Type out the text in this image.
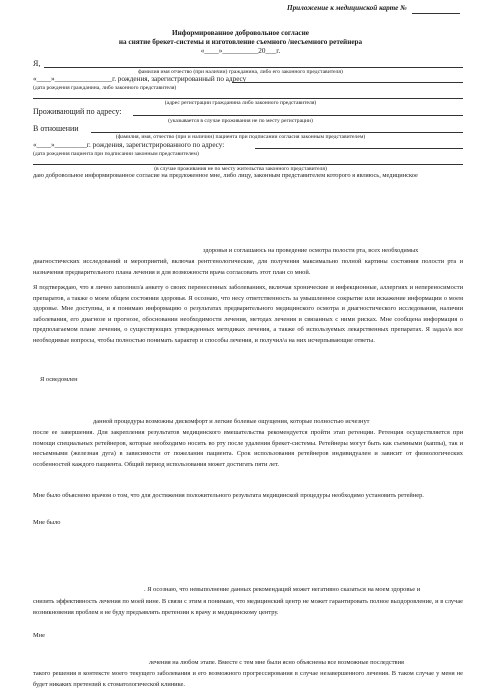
Приложение к медицинской карте №
Информированное добровольное согласие
на снятие брекет-системы и изготовление съемного /несъемного ретейнера
«____»__________20___г.
Я,
фамилия имя отчество (при наличии) гражданина, либо его законного представителя)
«____»________________г. рождения, зарегистрированный по адресу
(дата рождения гражданина, либо законного представителя)
(адрес регистрации гражданина либо законного представителя)
Проживающий по адресу:
(указывается в случае проживания не по месту регистрации)
В отношении
(фамилия, имя, отчество (при и наличии) пациента при подписании согласия законным представителем)
«____»_________г. рождения, зарегистрированного по адресу:
(дата рождения пациента при подписании законным представителем)
(в случае проживания не по месту жительства законного представителя)
даю добровольное информированное согласие на предложенное мне, либо лицу, законным представителем которого я являюсь, медицинское
здоровья и соглашаюсь на проведение осмотра полости рта, всех необходимых
диагностических исследований и мероприятий, включая рентгенологические, для получения максимально полной картины состояния полости рта и назначения предварительного плана лечения и для возможности врача согласовать этот план со мной.
Я подтверждаю, что я лично заполнил/а анкету о своих перенесенных заболеваниях, включая хронические и инфекционные, аллергиях и непереносимости препаратов, а также о моем общем состоянии здоровья. Я осознаю, что несу ответственность за умышленное сокрытие или искажение информации о моем здоровье. Мне доступны, и я понимаю информацию о результатах предварительного медицинского осмотра и диагностического исследования, наличии заболевания, его диагнозе и прогнозе, обосновании необходимости лечения, методах лечения и связанных с ними рисках. Мне сообщена информация о предполагаемом плане лечения, о существующих утвержденных методиках лечения, а также об используемых лекарственных препаратах. Я задал/а все необходимые вопросы, чтобы полностью понимать характер и способы лечения, и получил/а на них исчерпывающие ответы.
Я осведомлен
данной процедуры возможны дискомфорт и легкие болевые ощущения, которые полностью исчезнут
после ее завершения. Для закрепления результатов медицинского вмешательства рекомендуется пройти этап ретенции. Ретенция осуществляется при помощи специальных ретейнеров, которые необходимо носить во рту после удаления брекет-системы. Ретейнеры могут быть как съемными (каппы), так и несъемными (железная дуга) в зависимости от пожелания пациента. Срок использования ретейнеров индивидуален и зависит от физиологических особенностей каждого пациента. Общий период использования может достигать пяти лет.
Мне было объяснено врачом о том, что для достижения положительного результата медицинской процедуры необходимо установить ретейнер.
Мне было
. Я осознаю, что невыполнение данных рекомендаций может негативно сказаться на моем здоровье и
снизить эффективность лечения по моей вине. В связи с этим я понимаю, что медицинский центр не может гарантировать полное выздоровление, и в случае возникновения проблем я не буду предъявлять претензии к врачу и медицинскому центру.
Мне
лечения на любом этапе. Вместе с тем мне были ясно объяснены все возможные последствия
такого решения в контексте моего текущего заболевания и его возможного прогрессирования в случае незавершенного лечения. В таком случае у меня не будет никаких претензий к стоматологической клинике.
